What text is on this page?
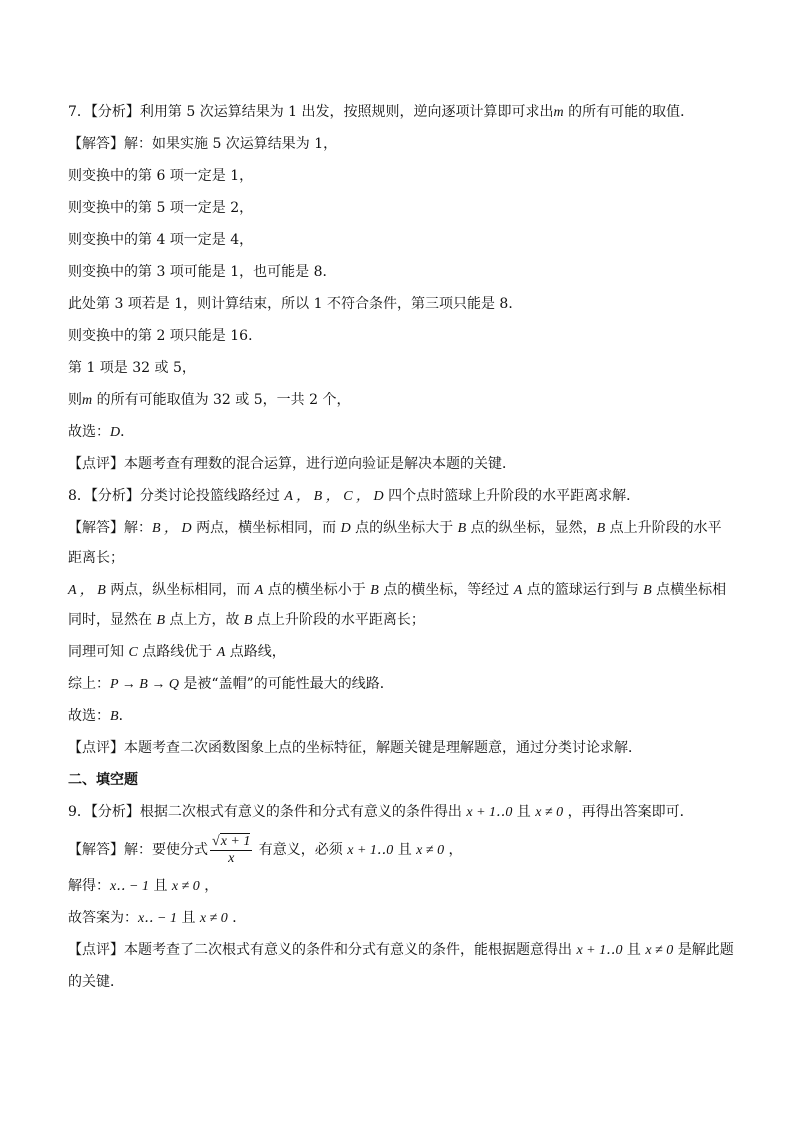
7．【分析】利用第 5 次运算结果为 1 出发，按照规则，逆向逐项计算即可求出m 的所有可能的取值．
【解答】解：如果实施 5 次运算结果为 1，
则变换中的第 6 项一定是 1，
则变换中的第 5 项一定是 2，
则变换中的第 4 项一定是 4，
则变换中的第 3 项可能是 1，也可能是 8．
此处第 3 项若是 1，则计算结束，所以 1 不符合条件，第三项只能是 8．
则变换中的第 2 项只能是 16．
第 1 项是 32 或 5，
则m 的所有可能取值为 32 或 5，一共 2 个，
故选：D．
【点评】本题考查有理数的混合运算，进行逆向验证是解决本题的关键．
8．【分析】分类讨论投篮线路经过 A ， B ， C ， D 四个点时篮球上升阶段的水平距离求解．
【解答】解：B ， D 两点，横坐标相同，而 D 点的纵坐标大于 B 点的纵坐标，显然，B 点上升阶段的水平
距离长；
A ， B 两点，纵坐标相同，而 A 点的横坐标小于 B 点的横坐标，等经过 A 点的篮球运行到与 B 点横坐标相
同时，显然在 B 点上方，故 B 点上升阶段的水平距离长；
同理可知 C 点路线优于 A 点路线，
综上：P → B → Q 是被“盖帽”的可能性最大的线路．
故选：B．
【点评】本题考查二次函数图象上点的坐标特征，解题关键是理解题意，通过分类讨论求解．
二、填空题
9．【分析】根据二次根式有意义的条件和分式有意义的条件得出 x + 1‥0 且 x ≠ 0 ，再得出答案即可．
【解答】解：要使分式 $\frac{√x + 1}{x}$ 有意义，必须 x + 1‥0 且 x ≠ 0 ，
解得：x‥ − 1 且 x ≠ 0 ，
故答案为：x‥ − 1 且 x ≠ 0 ．
【点评】本题考查了二次根式有意义的条件和分式有意义的条件，能根据题意得出 x + 1‥0 且 x ≠ 0 是解此题
的关键．
